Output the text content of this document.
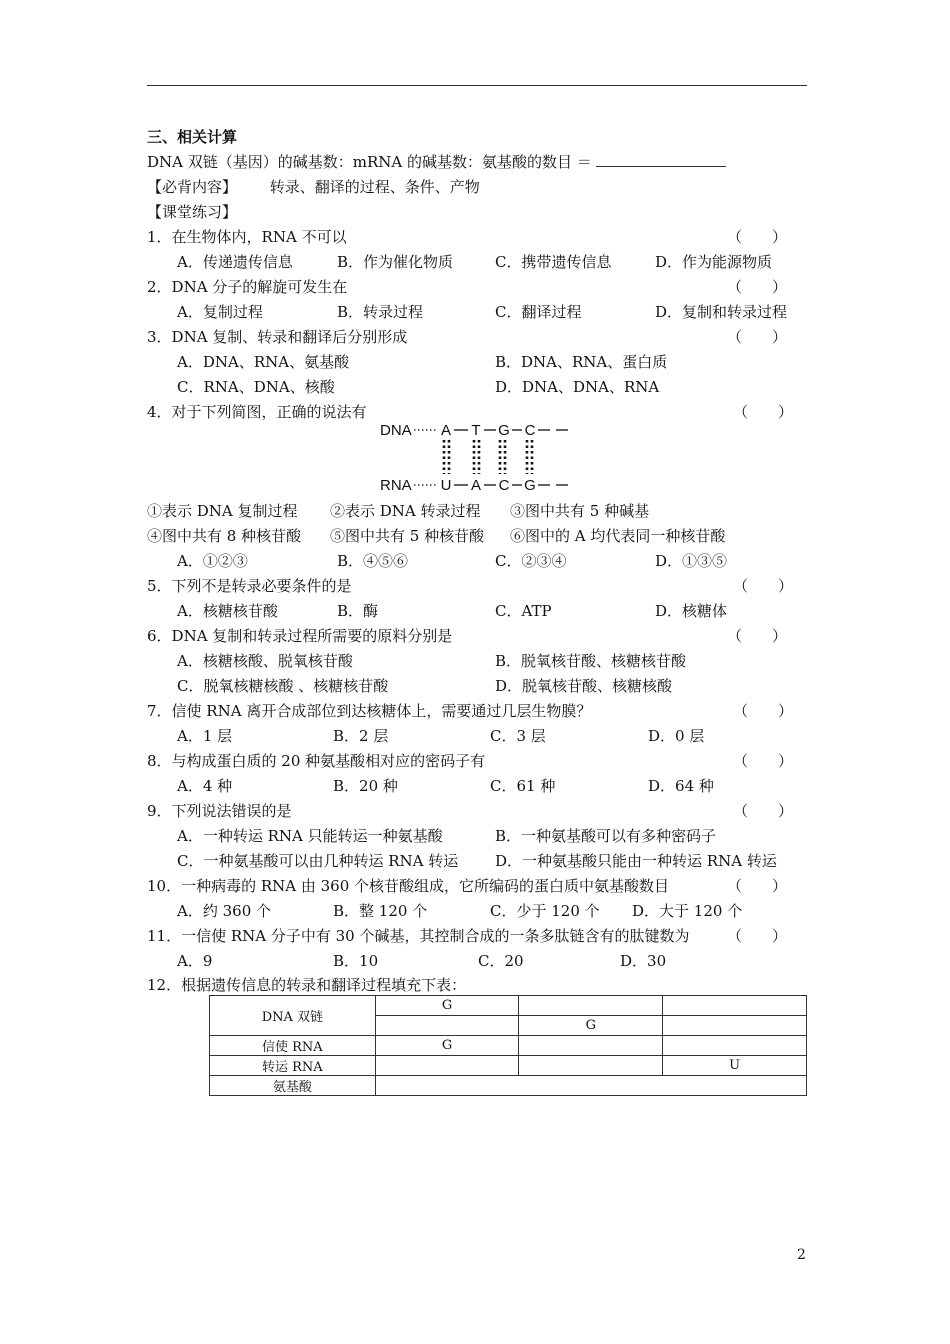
三、相关计算
DNA 双链（基因）的碱基数：mRNA 的碱基数：氨基酸的数目 ＝
【必背内容】 转录、翻译的过程、条件、产物
【课堂练习】
1．在生物体内，RNA 不可以	（　　）
A．传递遗传信息	B．作为催化物质	C．携带遗传信息	D．作为能源物质
2．DNA 分子的解旋可发生在	（　　）
A．复制过程	B．转录过程	C．翻译过程	D．复制和转录过程
3．DNA 复制、转录和翻译后分别形成	（　　）
A．DNA、RNA、氨基酸	B．DNA、RNA、蛋白质
C．RNA、DNA、核酸	D．DNA、DNA、RNA
4．对于下列简图，正确的说法有	（　　）
DNA
RNA
A T G C
U A C G
①表示 DNA 复制过程 ②表示 DNA 转录过程 ③图中共有 5 种碱基
④图中共有 8 种核苷酸 ⑤图中共有 5 种核苷酸 ⑥图中的 A 均代表同一种核苷酸
A．①②③	B．④⑤⑥	C．②③④	D．①③⑤
5．下列不是转录必要条件的是	（　　）
A．核糖核苷酸	B．酶	C．ATP	D．核糖体
6．DNA 复制和转录过程所需要的原料分别是	（　　）
A．核糖核酸、脱氧核苷酸	B．脱氧核苷酸、核糖核苷酸
C．脱氧核糖核酸 、核糖核苷酸	D．脱氧核苷酸、核糖核酸
7．信使 RNA 离开合成部位到达核糖体上，需要通过几层生物膜？	（　　）
A．1 层	B．2 层	C．3 层	D．0 层
8．与构成蛋白质的 20 种氨基酸相对应的密码子有	（　　）
A．4 种	B．20 种	C．61 种	D．64 种
9．下列说法错误的是	（　　）
A．一种转运 RNA 只能转运一种氨基酸	B．一种氨基酸可以有多种密码子
C．一种氨基酸可以由几种转运 RNA 转运 D．一种氨基酸只能由一种转运 RNA 转运
10．一种病毒的 RNA 由 360 个核苷酸组成，它所编码的蛋白质中氨基酸数目	（　　）
A．约 360 个	B．整 120 个	C．少于 120 个 D．大于 120 个
11．一信使 RNA 分子中有 30 个碱基，其控制合成的一条多肽链含有的肽键数为 （　　）
A．9	B．10	C．20	D．30
12．根据遗传信息的转录和翻译过程填充下表：
DNA 双链	G		
		G	
信使 RNA	G		
转运 RNA			U
氨基酸			
2
